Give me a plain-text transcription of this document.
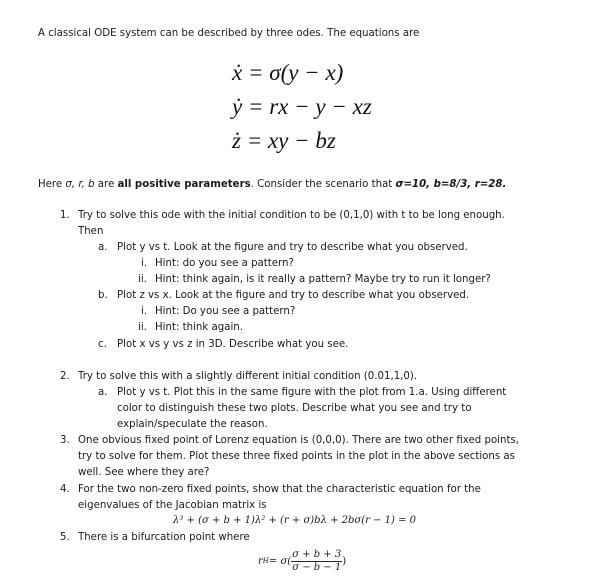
A classical ODE system can be described by three odes. The equations are
ẋ = σ(y − x)
ẏ = rx − y − xz
ż = xy − bz
Here σ, r, b are all positive parameters. Consider the scenario that σ=10, b=8/3, r=28.
1. Try to solve this ode with the initial condition to be (0,1,0) with t to be long enough.
Then
a. Plot y vs t. Look at the figure and try to describe what you observed.
i. Hint: do you see a pattern?
ii. Hint: think again, is it really a pattern? Maybe try to run it longer?
b. Plot z vs x. Look at the figure and try to describe what you observed.
i. Hint: Do you see a pattern?
ii. Hint: think again.
c. Plot x vs y vs z in 3D. Describe what you see.
2. Try to solve this with a slightly different initial condition (0.01,1,0).
a. Plot y vs t. Plot this in the same figure with the plot from 1.a. Using different
color to distinguish these two plots. Describe what you see and try to
explain/speculate the reason.
3. One obvious fixed point of Lorenz equation is (0,0,0). There are two other fixed points,
try to solve for them. Plot these three fixed points in the plot in the above sections as
well. See where they are?
4. For the two non-zero fixed points, show that the characteristic equation for the
eigenvalues of the Jacobian matrix is
λ³ + (σ + b + 1)λ² + (r + σ)bλ + 2bσ(r − 1) = 0
5. There is a bifurcation point where
r $H = \sigma( \frac{\sigma + b + 3}{\sigma - b - 1}$ )
